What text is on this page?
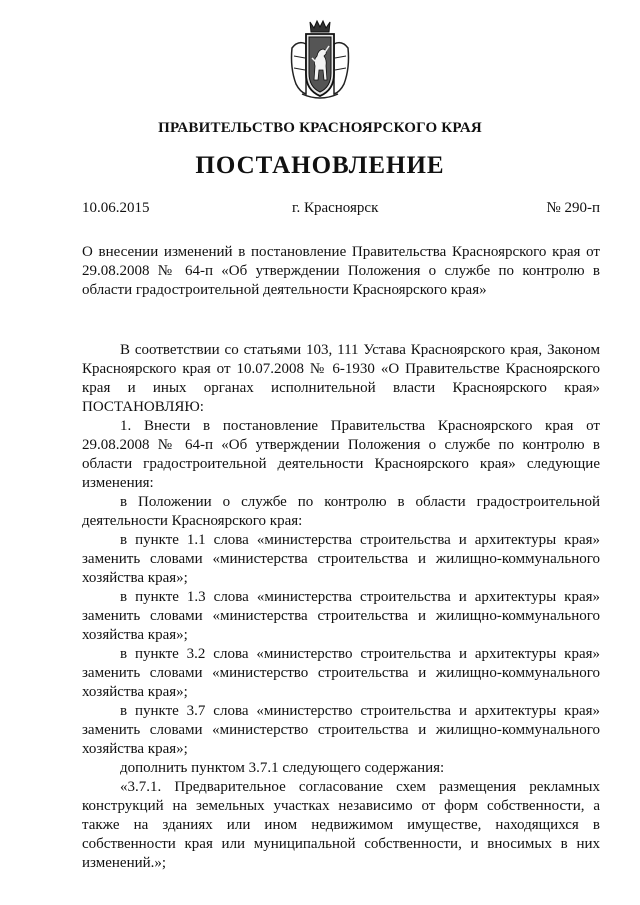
ПРАВИТЕЛЬСТВО КРАСНОЯРСКОГО КРАЯ
ПОСТАНОВЛЕНИЕ
10.06.2015	г. Красноярск	№ 290-п
О внесении изменений в постановление Правительства Красноярского края от 29.08.2008 № 64-п «Об утверждении Положения о службе по контролю в области градостроительной деятельности Красноярского края»

В соответствии со статьями 103, 111 Устава Красноярского края, Законом Красноярского края от 10.07.2008 № 6-1930 «О Правительстве Красноярского края и иных органах исполнительной власти Красноярского края» ПОСТАНОВЛЯЮ:

1. Внести в постановление Правительства Красноярского края от 29.08.2008 № 64-п «Об утверждении Положения о службе по контролю в области градостроительной деятельности Красноярского края» следующие изменения:

в Положении о службе по контролю в области градостроительной деятельности Красноярского края:

в пункте 1.1 слова «министерства строительства и архитектуры края» заменить словами «министерства строительства и жилищно-коммунального хозяйства края»;

в пункте 1.3 слова «министерства строительства и архитектуры края» заменить словами «министерства строительства и жилищно-коммунального хозяйства края»;

в пункте 3.2 слова «министерство строительства и архитектуры края» заменить словами «министерство строительства и жилищно-коммунального хозяйства края»;

в пункте 3.7 слова «министерство строительства и архитектуры края» заменить словами «министерство строительства и жилищно-коммунального хозяйства края»;

дополнить пунктом 3.7.1 следующего содержания:

«3.7.1. Предварительное согласование схем размещения рекламных конструкций на земельных участках независимо от форм собственности, а также на зданиях или ином недвижимом имуществе, находящихся в собственности края или муниципальной собственности, и вносимых в них изменений.»;
